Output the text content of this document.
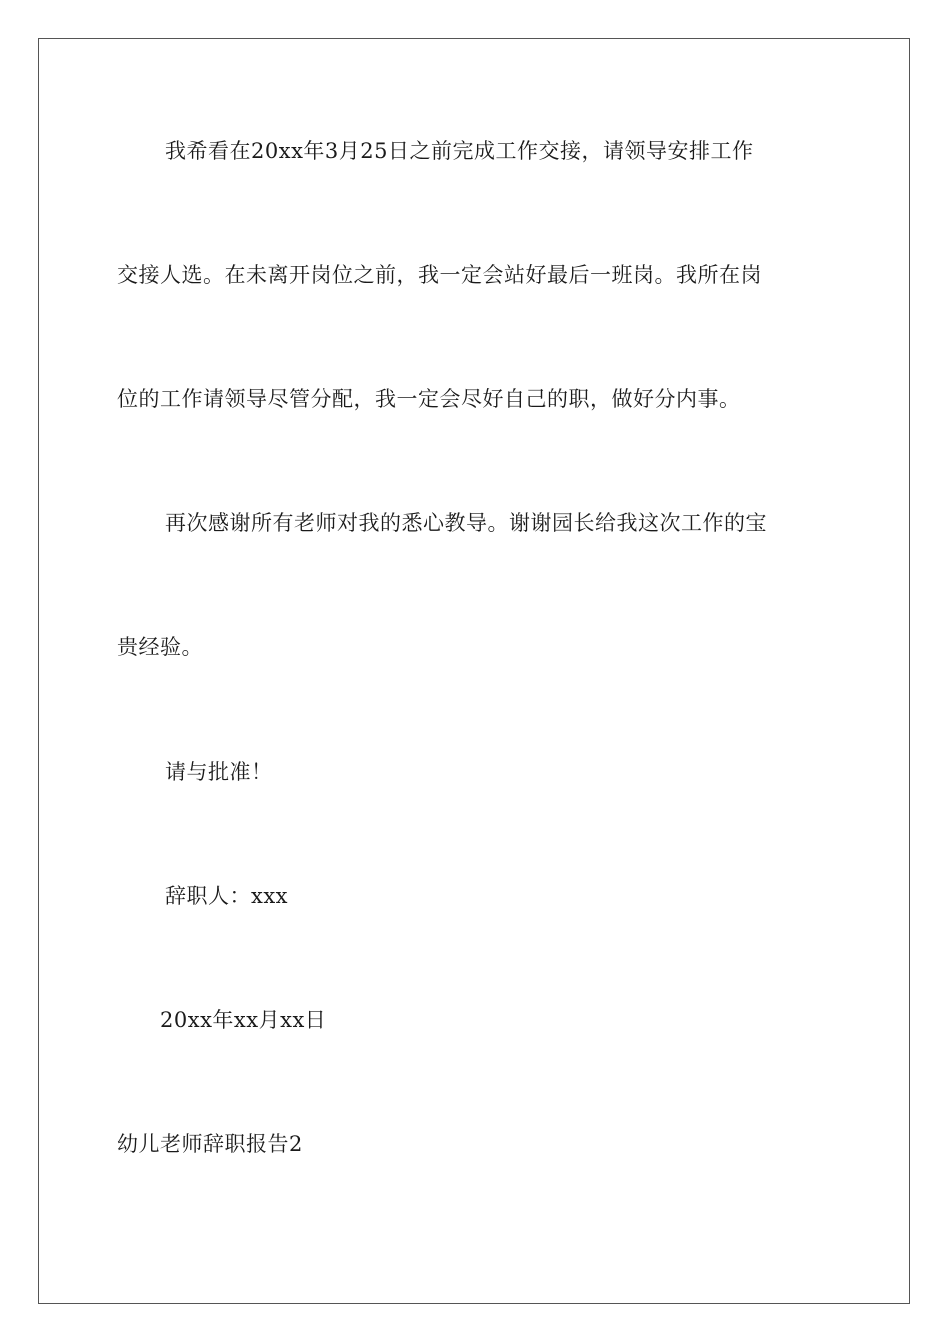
我希看在20xx年3月25日之前完成工作交接，请领导安排工作
交接人选。在未离开岗位之前，我一定会站好最后一班岗。我所在岗
位的工作请领导尽管分配，我一定会尽好自己的职，做好分内事。
再次感谢所有老师对我的悉心教导。谢谢园长给我这次工作的宝
贵经验。
请与批准！
辞职人：xxx
20xx年xx月xx日
幼儿老师辞职报告2
